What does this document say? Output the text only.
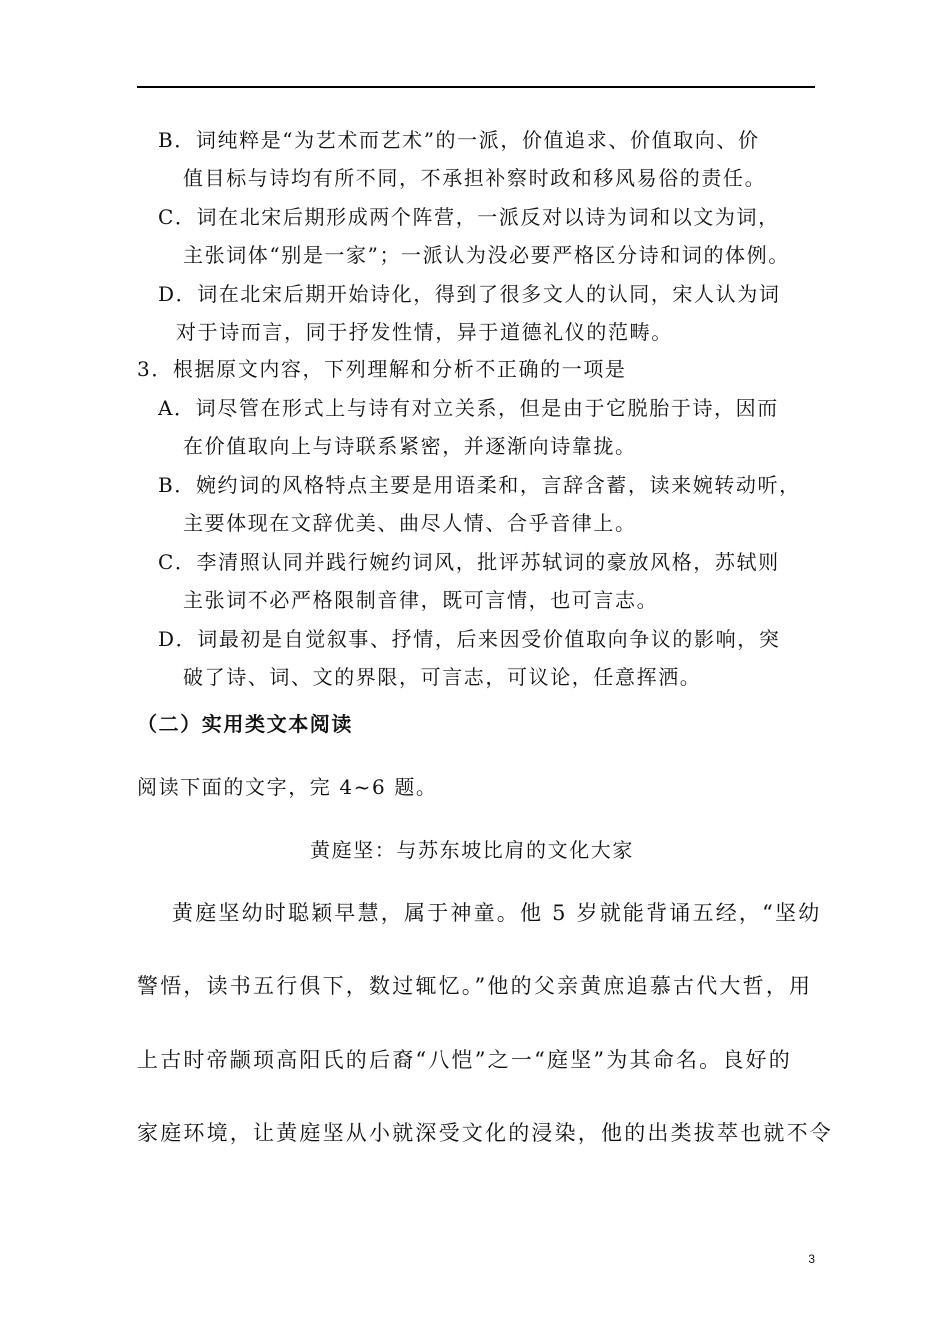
B．词纯粹是“为艺术而艺术”的一派，价值追求、价值取向、价
值目标与诗均有所不同，不承担补察时政和移风易俗的责任。
C．词在北宋后期形成两个阵营，一派反对以诗为词和以文为词，
主张词体“别是一家”；一派认为没必要严格区分诗和词的体例。
D．词在北宋后期开始诗化，得到了很多文人的认同，宋人认为词
对于诗而言，同于抒发性情，异于道德礼仪的范畴。
3．根据原文内容，下列理解和分析不正确的一项是
A．词尽管在形式上与诗有对立关系，但是由于它脱胎于诗，因而
在价值取向上与诗联系紧密，并逐渐向诗靠拢。
B．婉约词的风格特点主要是用语柔和，言辞含蓄，读来婉转动听，
主要体现在文辞优美、曲尽人情、合乎音律上。
C．李清照认同并践行婉约词风，批评苏轼词的豪放风格，苏轼则
主张词不必严格限制音律，既可言情，也可言志。
D．词最初是自觉叙事、抒情，后来因受价值取向争议的影响，突
破了诗、词、文的界限，可言志，可议论，任意挥洒。
（二）实用类文本阅读
阅读下面的文字，完 4~6 题。
黄庭坚：与苏东坡比肩的文化大家
黄庭坚幼时聪颖早慧，属于神童。他 5 岁就能背诵五经，“坚幼
警悟，读书五行俱下，数过辄忆。”他的父亲黄庶追慕古代大哲，用
上古时帝颛顼高阳氏的后裔“八恺”之一“庭坚”为其命名。良好的
家庭环境，让黄庭坚从小就深受文化的浸染，他的出类拔萃也就不令
3
